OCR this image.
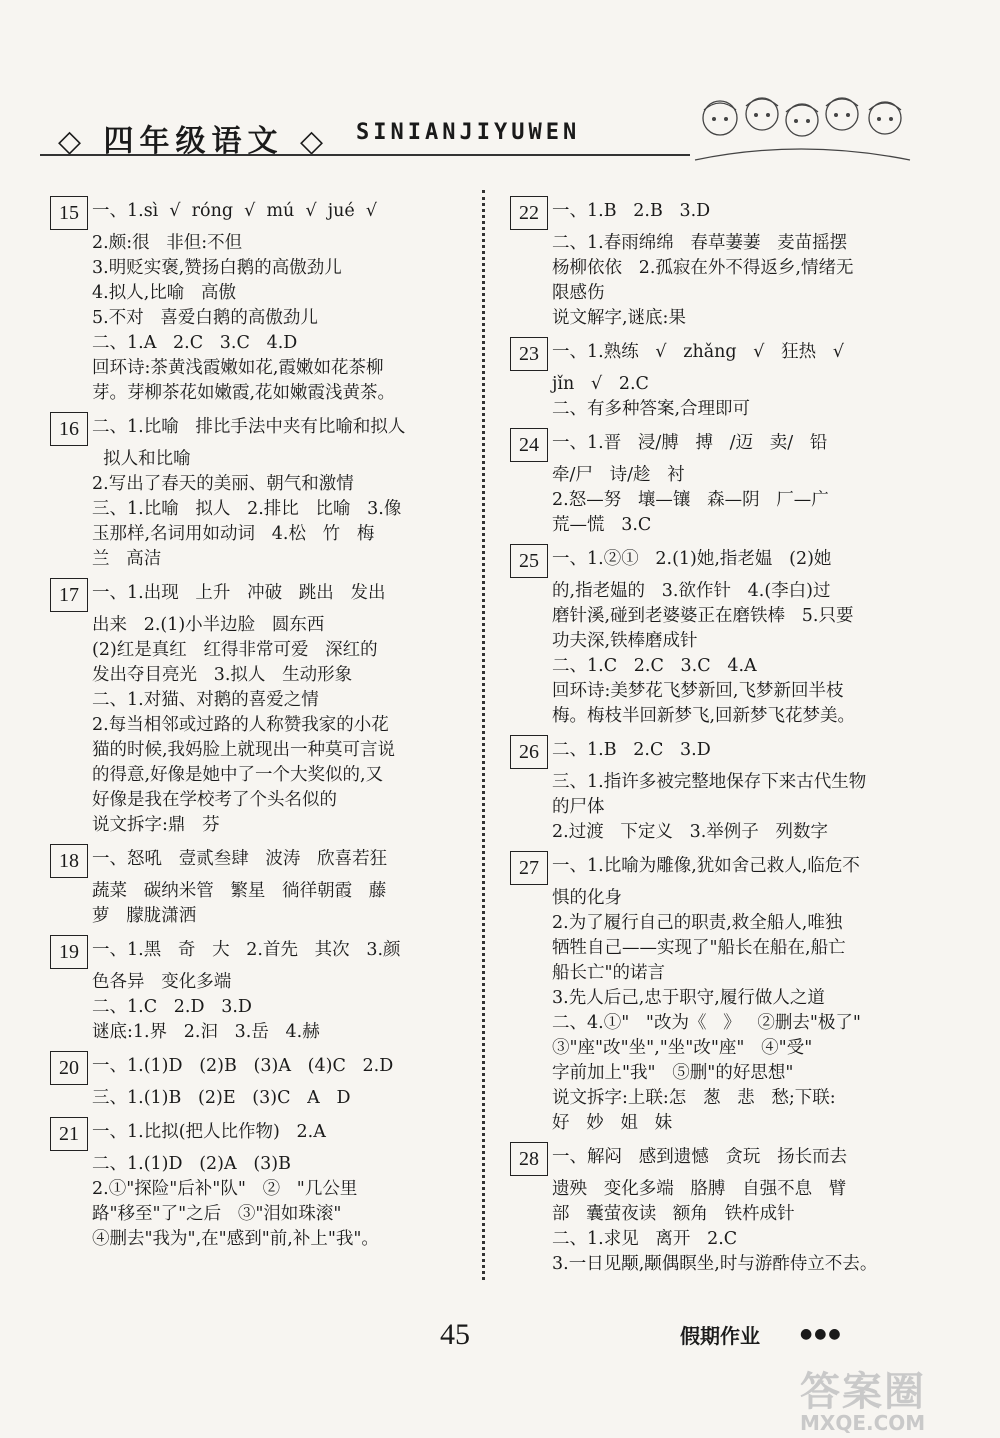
◇ 四年级语文 ◇ SINIANJIYUWEN
15 一、1.sì  √  róng  √  mú  √  jué  √
2.颇:很   非但:不但
3.明贬实褒,赞扬白鹅的高傲劲儿
4.拟人,比喻   高傲
5.不对   喜爱白鹅的高傲劲儿
二、1.A   2.C   3.C   4.D
回环诗:茶黄浅霞嫩如花,霞嫩如花茶柳
芽。芽柳茶花如嫩霞,花如嫩霞浅黄茶。
16 二、1.比喻   排比手法中夹有比喻和拟人
拟人和比喻
2.写出了春天的美丽、朝气和激情
三、1.比喻   拟人   2.排比   比喻   3.像
玉那样,名词用如动词   4.松   竹   梅
兰   高洁
17 一、1.出现   上升   冲破   跳出   发出
出来   2.(1)小半边脸   圆东西
(2)红是真红   红得非常可爱   深红的
发出夺目亮光   3.拟人   生动形象
二、1.对猫、对鹅的喜爱之情
2.每当相邻或过路的人称赞我家的小花
猫的时候,我妈脸上就现出一种莫可言说
的得意,好像是她中了一个大奖似的,又
好像是我在学校考了个头名似的
说文拆字:鼎   芬
18 一、怒吼   壹贰叁肆   波涛   欣喜若狂
蔬菜   碳纳米管   繁星   徜徉朝霞   藤
萝   朦胧潇洒
19 一、1.黑   奇   大   2.首先   其次   3.颜
色各异   变化多端
二、1.C   2.D   3.D
谜底:1.界   2.汩   3.岳   4.赫
20 一、1.(1)D   (2)B   (3)A   (4)C   2.D
三、1.(1)B   (2)E   (3)C   A   D
21 一、1.比拟(把人比作物)   2.A
二、1.(1)D   (2)A   (3)B
2.①"探险"后补"队"   ②   "几公里
路"移至"了"之后   ③"泪如珠滚"
④删去"我为",在"感到"前,补上"我"。
22 一、1.B   2.B   3.D
二、1.春雨绵绵   春草萋萋   麦苗摇摆
杨柳依依   2.孤寂在外不得返乡,情绪无
限感伤
说文解字,谜底:果
23 一、1.熟练   √   zhǎng   √   狂热   √
jǐn   √   2.C
二、有多种答案,合理即可
24 一、1.晋   浸/膊   搏   /迈   卖/   铅
牵/尸   诗/趁   衬
2.怒—努   壤—镶   森—阴   厂—广
荒—慌   3.C
25 一、1.②①   2.(1)她,指老媪   (2)她
的,指老媪的   3.欲作针   4.(李白)过
磨针溪,碰到老婆婆正在磨铁棒   5.只要
功夫深,铁棒磨成针
二、1.C   2.C   3.C   4.A
回环诗:美梦花飞梦新回,飞梦新回半枝
梅。梅枝半回新梦飞,回新梦飞花梦美。
26 二、1.B   2.C   3.D
三、1.指许多被完整地保存下来古代生物
的尸体
2.过渡   下定义   3.举例子   列数字
27 一、1.比喻为雕像,犹如舍己救人,临危不
惧的化身
2.为了履行自己的职责,救全船人,唯独
牺牲自己——实现了"船长在船在,船亡
船长亡"的诺言
3.先人后己,忠于职守,履行做人之道
二、4.①"   "改为《   》   ②删去"极了"
③"座"改"坐","坐"改"座"   ④"受"
字前加上"我"   ⑤删"的好思想"
说文拆字:上联:怎   葱   悲   愁;下联:
好   妙   姐   妹
28 一、解闷   感到遗憾   贪玩   扬长而去
遗殃   变化多端   胳膊   自强不息   臂
部   囊萤夜读   额角   铁杵成针
二、1.求见   离开   2.C
3.一日见颙,颙偶瞑坐,时与游酢侍立不去。
45	假期作业	●●●
答案圈
MXQE.COM
